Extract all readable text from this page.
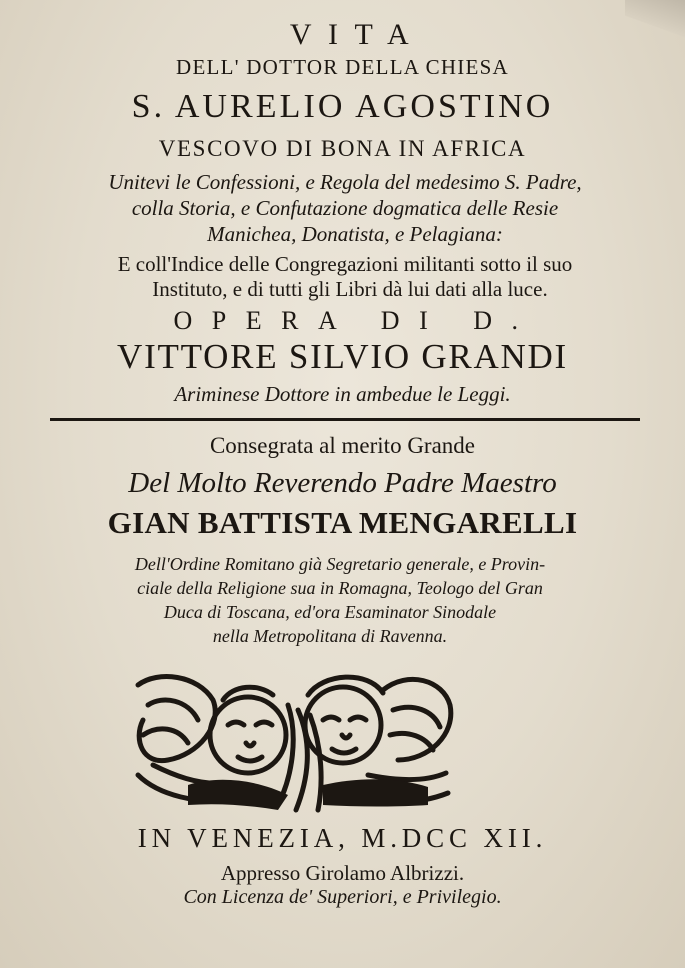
VITA
DELL' DOTTOR DELLA CHIESA
S. AURELIO AGOSTINO
VESCOVO DI BONA IN AFRICA
Unitevi le Confessioni, e Regola del medesimo S. Padre,
colla Storia, e Confutazione dogmatica delle Resie
Manichea, Donatista, e Pelagiana:
E coll'Indice delle Congregazioni militanti sotto il suo
Instituto, e di tutti gli Libri dà lui dati alla luce.
OPERA DI D.
VITTORE SILVIO GRANDI
Ariminese Dottore in ambedue le Leggi.
Consegrata al merito Grande
Del Molto Reverendo Padre Maestro
GIAN BATTISTA MENGARELLI
Dell'Ordine Romitano già Segretario generale, e Provin-
ciale della Religione sua in Romagna, Teologo del Gran
Duca di Toscana, ed'ora Esaminator Sinodale
nella Metropolitana di Ravenna.
IN VENEZIA, M.DCC XII.
Appresso Girolamo Albrizzi.
Con Licenza de' Superiori, e Privilegio.
